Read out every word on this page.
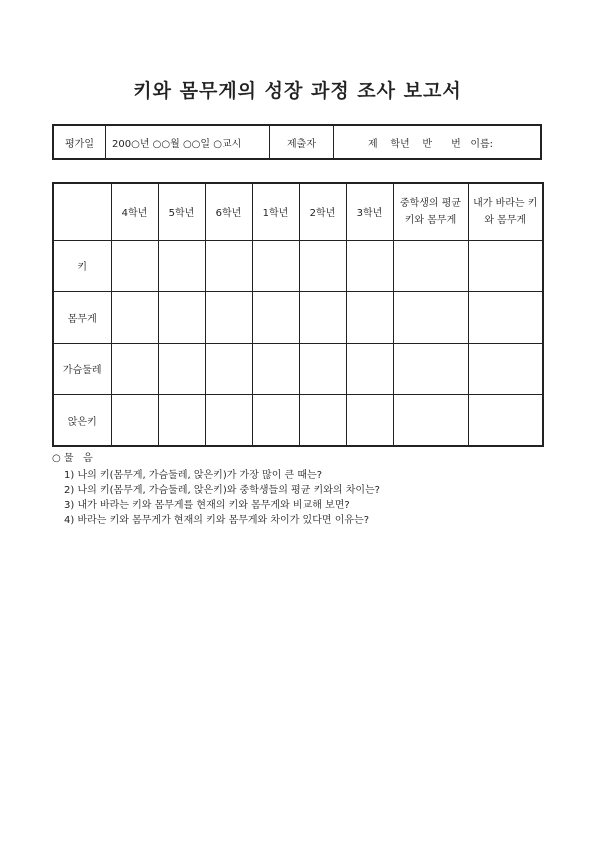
키와 몸무게의 성장 과정 조사 보고서
평가일	200○년 ○○월 ○○일 ○교시	제출자	제    학년    반      번   이름:
	4학년	5학년	6학년	1학년	2학년	3학년	중학생의 평균 키와 몸무게	내가 바라는 키와 몸무게
키								
몸무게								
가슴둘레								
앉은키								
○ 물   음
1) 나의 키(몸무게, 가슴둘레, 앉은키)가 가장 많이 큰 때는?
2) 나의 키(몸무게, 가슴둘레, 앉은키)와 중학생들의 평균 키와의 차이는?
3) 내가 바라는 키와 몸무게를 현재의 키와 몸무게와 비교해 보면?
4) 바라는 키와 몸무게가 현재의 키와 몸무게와 차이가 있다면 이유는?
